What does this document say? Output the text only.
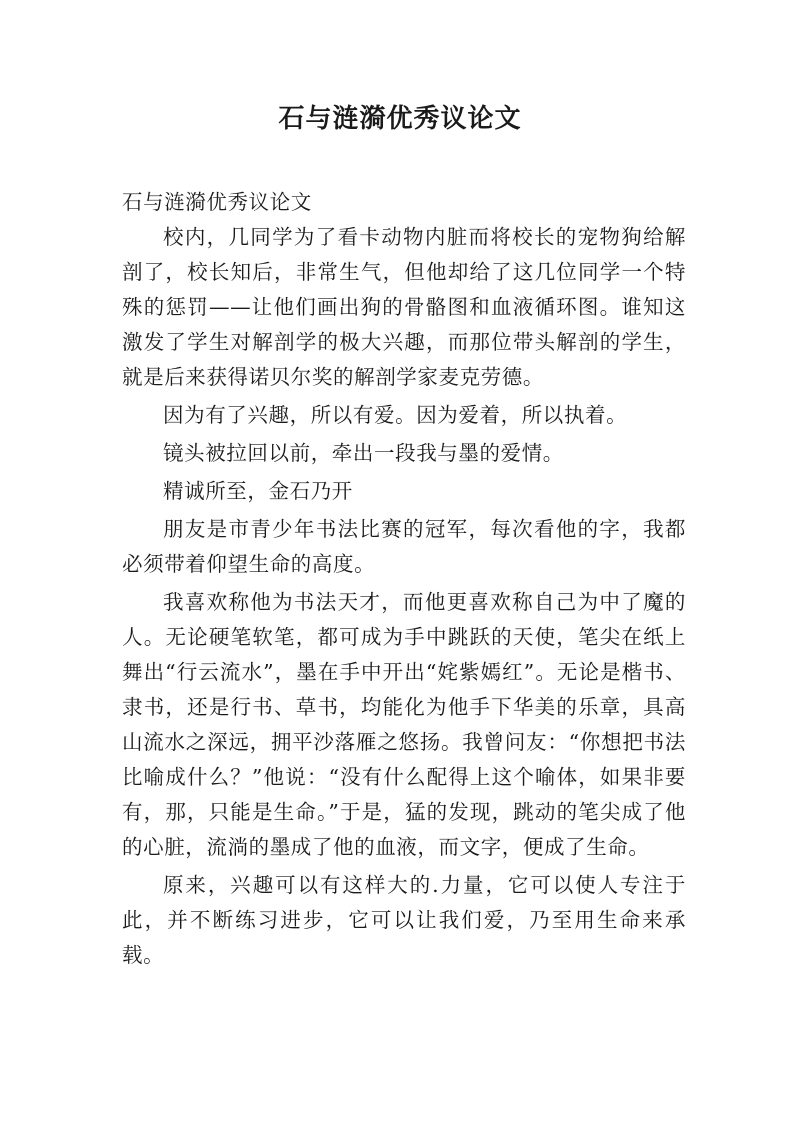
石与涟漪优秀议论文

石与涟漪优秀议论文

校内，几同学为了看卡动物内脏而将校长的宠物狗给解剖了，校长知后，非常生气，但他却给了这几位同学一个特殊的惩罚——让他们画出狗的骨骼图和血液循环图。谁知这激发了学生对解剖学的极大兴趣，而那位带头解剖的学生，就是后来获得诺贝尔奖的解剖学家麦克劳德。

因为有了兴趣，所以有爱。因为爱着，所以执着。

镜头被拉回以前，牵出一段我与墨的爱情。

精诚所至，金石乃开

朋友是市青少年书法比赛的冠军，每次看他的字，我都必须带着仰望生命的高度。

我喜欢称他为书法天才，而他更喜欢称自己为中了魔的人。无论硬笔软笔，都可成为手中跳跃的天使，笔尖在纸上舞出“行云流水”，墨在手中开出“姹紫嫣红”。无论是楷书、隶书，还是行书、草书，均能化为他手下华美的乐章，具高山流水之深远，拥平沙落雁之悠扬。我曾问友：“你想把书法比喻成什么？”他说：“没有什么配得上这个喻体，如果非要有，那，只能是生命。”于是，猛的发现，跳动的笔尖成了他的心脏，流淌的墨成了他的血液，而文字，便成了生命。

原来，兴趣可以有这样大的.力量，它可以使人专注于此，并不断练习进步，它可以让我们爱，乃至用生命来承载。
